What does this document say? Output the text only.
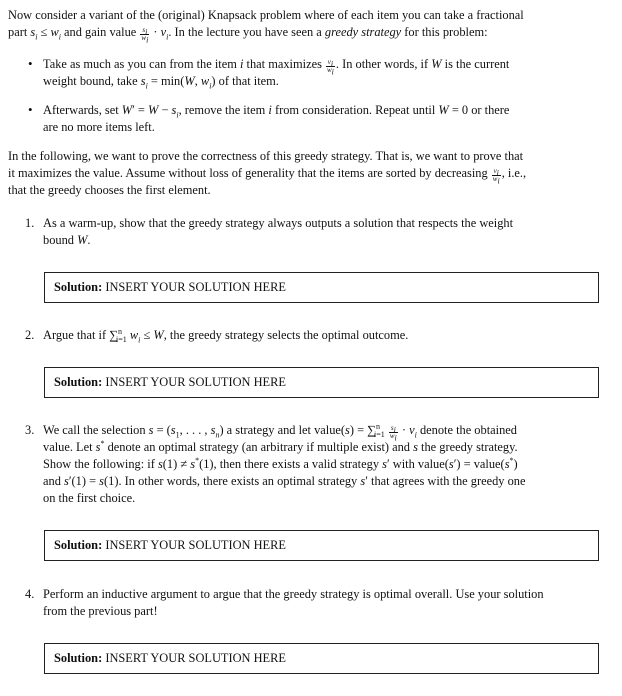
Now consider a variant of the (original) Knapsack problem where of each item you can take a fractional
part $s_i \le w_i$ and gain value $\frac{s_i}{w_i} \cdot v_i$. In the lecture you have seen a greedy strategy for this problem:
• Take as much as you can from the item i that maximizes $\frac{v_i}{w_i}$ . In other words, if W is the current
weight bound, take $s_i = \min(W$, $w_i$) of that item.
• Afterwards, set $W' = W - s_i$, remove the item i from consideration. Repeat until W = 0 or there
are no more items left.
In the following, we want to prove the correctness of this greedy strategy. That is, we want to prove that
it maximizes the value. Assume without loss of generality that the items are sorted by decreasing $\frac{v_i}{w_i}$ , i.e.,
that the greedy chooses the first element.
1. As a warm-up, show that the greedy strategy always outputs a solution that respects the weight
bound W.
Solution: INSERT YOUR SOLUTION HERE
2. Argue that if ∑$^n_{i=1}$ $w_i \le W$, the greedy strategy selects the optimal outcome.
Solution: INSERT YOUR SOLUTION HERE
3. We call the selection $s = (s_1$, . . . , $s_n$) a strategy and let value(s) = $\sum^n_{i=1} \frac{s_i}{w_i} \cdot v_i$ denote the obtained
value. Let s* denote an optimal strategy (an arbitrary if multiple exist) and s the greedy strategy.
Show the following: if s(1) ≠ s*(1), then there exists a valid strategy s′ with value(s′) = value(s*)
and s′(1) = s(1). In other words, there exists an optimal strategy s′ that agrees with the greedy one
on the first choice.
Solution: INSERT YOUR SOLUTION HERE
4. Perform an inductive argument to argue that the greedy strategy is optimal overall. Use your solution
from the previous part!
Solution: INSERT YOUR SOLUTION HERE
